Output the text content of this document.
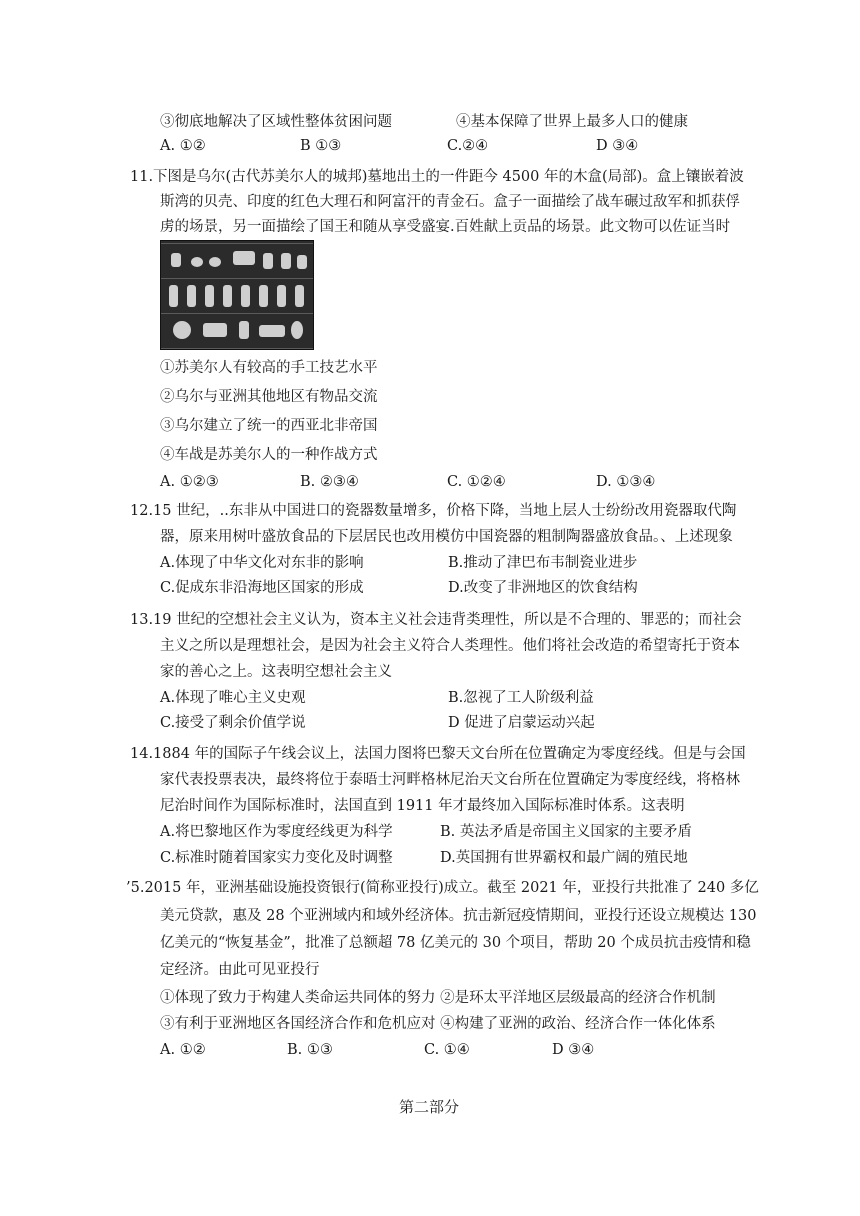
③彻底地解决了区域性整体贫困问题	④基本保障了世界上最多人口的健康
A. ①②	B ①③	C.②④	D ③④
11.下图是乌尔(古代苏美尔人的城邦)墓地出土的一件距今 4500 年的木盒(局部)。盒上镶嵌着波
斯湾的贝壳、印度的红色大理石和阿富汗的青金石。盒子一面描绘了战车碾过敌军和抓获俘
虏的场景，另一面描绘了国王和随从享受盛宴.百姓献上贡品的场景。此文物可以佐证当时
①苏美尔人有较高的手工技艺水平
②乌尔与亚洲其他地区有物品交流
③乌尔建立了统一的西亚北非帝国
④车战是苏美尔人的一种作战方式
A. ①②③	B. ②③④	C. ①②④	D. ①③④
12.15 世纪，..东非从中国进口的瓷器数量增多，价格下降，当地上层人士纷纷改用瓷器取代陶
器，原来用树叶盛放食品的下层居民也改用模仿中国瓷器的粗制陶器盛放食品。、上述现象
A.体现了中华文化对东非的影响	B.推动了津巴布韦制瓷业进步
C.促成东非沿海地区国家的形成	D.改变了非洲地区的饮食结构
13.19 世纪的空想社会主义认为，资本主义社会违背类理性，所以是不合理的、罪恶的；而社会
主义之所以是理想社会，是因为社会主义符合人类理性。他们将社会改造的希望寄托于资本
家的善心之上。这表明空想社会主义
A.体现了唯心主义史观	B.忽视了工人阶级利益
C.接受了剩余价值学说	D 促进了启蒙运动兴起
14.1884 年的国际子午线会议上，法国力图将巴黎天文台所在位置确定为零度经线。但是与会国
家代表投票表决，最终将位于泰晤士河畔格林尼治天文台所在位置确定为零度经线，将格林
尼治时间作为国际标准时，法国直到 1911 年才最终加入国际标准时体系。这表明
A.将巴黎地区作为零度经线更为科学	B. 英法矛盾是帝国主义国家的主要矛盾
C.标准时随着国家实力变化及时调整	D.英国拥有世界霸权和最广阔的殖民地
’5.2015 年，亚洲基础设施投资银行(简称亚投行)成立。截至 2021 年，亚投行共批准了 240 多亿
美元贷款，惠及 28 个亚洲域内和域外经济体。抗击新冠疫情期间，亚投行还设立规模达 130
亿美元的“恢复基金”，批准了总额超 78 亿美元的 30 个项目，帮助 20 个成员抗击疫情和稳
定经济。由此可见亚投行
①体现了致力于构建人类命运共同体的努力 ②是环太平洋地区层级最高的经济合作机制
③有利于亚洲地区各国经济合作和危机应对 ④构建了亚洲的政治、经济合作一体化体系
A. ①②	B. ①③	C. ①④	D ③④
第二部分
